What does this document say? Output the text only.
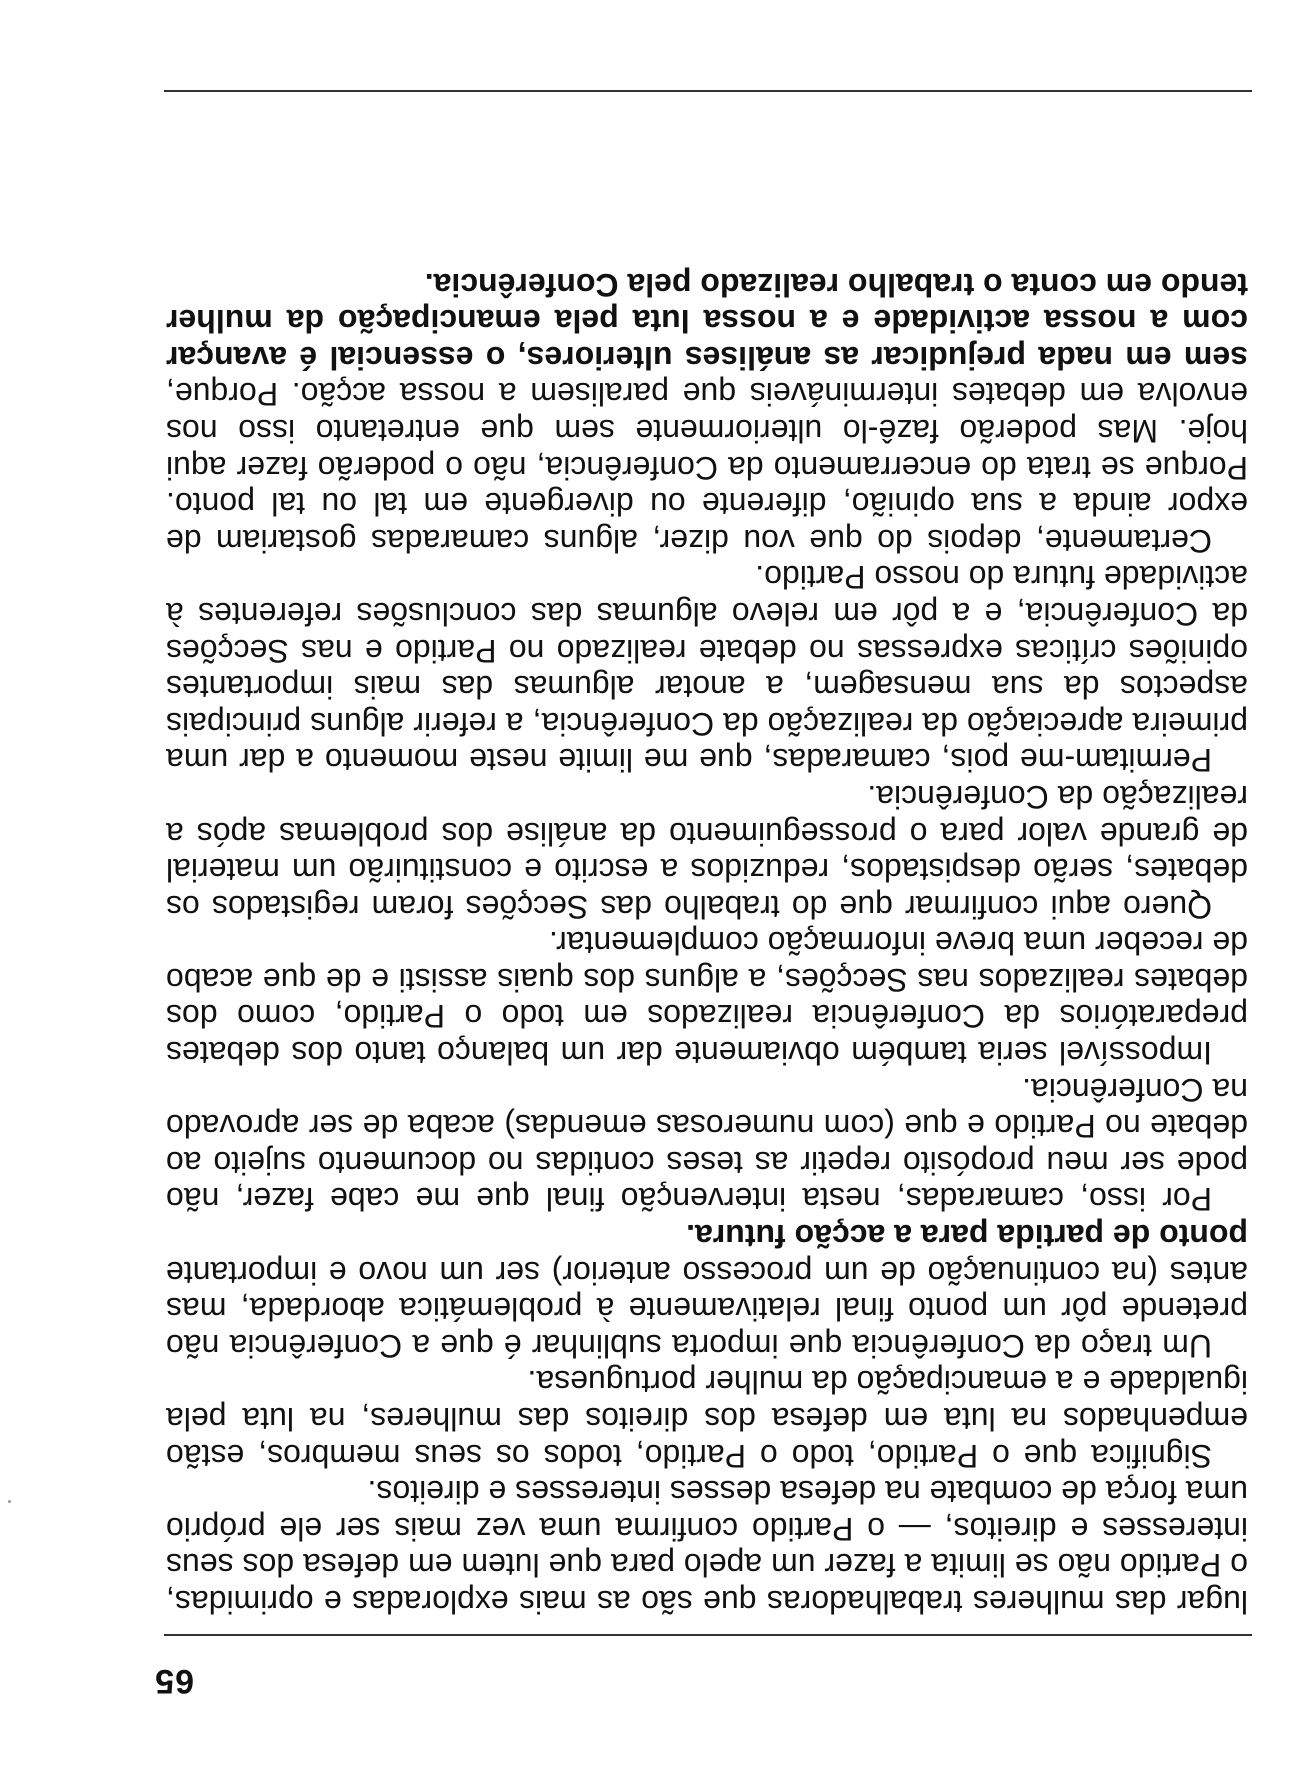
65

lugar das mulheres trabalhadoras que são as mais exploradas e oprimidas, o Partido não se limita a fazer um apelo para que lutem em defesa dos seus interesses e direitos, — o Partido confirma uma vez mais ser ele próprio uma força de combate na defesa desses interesses e direitos.

Significa que o Partido, todo o Partido, todos os seus membros, estão empenhados na luta em defesa dos direitos das mulheres, na luta pela igualdade e a emancipação da mulher portuguesa.

Um traço da Conferência que importa sublinhar é que a Conferência não pretende pôr um ponto final relativamente à problemática abordada, mas antes (na continuação de um processo anterior) ser um novo e importante ponto de partida para a acção futura.

Por isso, camaradas, nesta intervenção final que me cabe fazer, não pode ser meu propósito repetir as teses contidas no documento sujeito ao debate no Partido e que (com numerosas emendas) acaba de ser aprovado na Conferência.

Impossível seria também obviamente dar um balanço tanto dos debates preparatórios da Conferência realizados em todo o Partido, como dos debates realizados nas Secções, a alguns dos quais assisti e de que acabo de receber uma breve informação complementar.

Quero aqui confirmar que do trabalho das Secções foram registados os debates, serão despistados, reduzidos a escrito e constituirão um material de grande valor para o prosseguimento da análise dos problemas após a realização da Conferência.

Permitam-me pois, camaradas, que me limite neste momento a dar uma primeira apreciação da realização da Conferência, a referir alguns principais aspectos da sua mensagem, a anotar algumas das mais importantes opiniões críticas expressas no debate realizado no Partido e nas Secções da Conferência, e a pôr em relevo algumas das conclusões referentes à actividade futura do nosso Partido.

Certamente, depois do que vou dizer, alguns camaradas gostariam de expor ainda a sua opinião, diferente ou divergente em tal ou tal ponto. Porque se trata do encerramento da Conferência, não o poderão fazer aqui hoje. Mas poderão fazê-lo ulteriormente sem que entretanto isso nos envolva em debates intermináveis que paralisem a nossa acção. Porque, sem em nada prejudicar as análises ulteriores, o essencial é avançar com a nossa actividade e a nossa luta pela emancipação da mulher tendo em conta o trabalho realizado pela Conferência.
